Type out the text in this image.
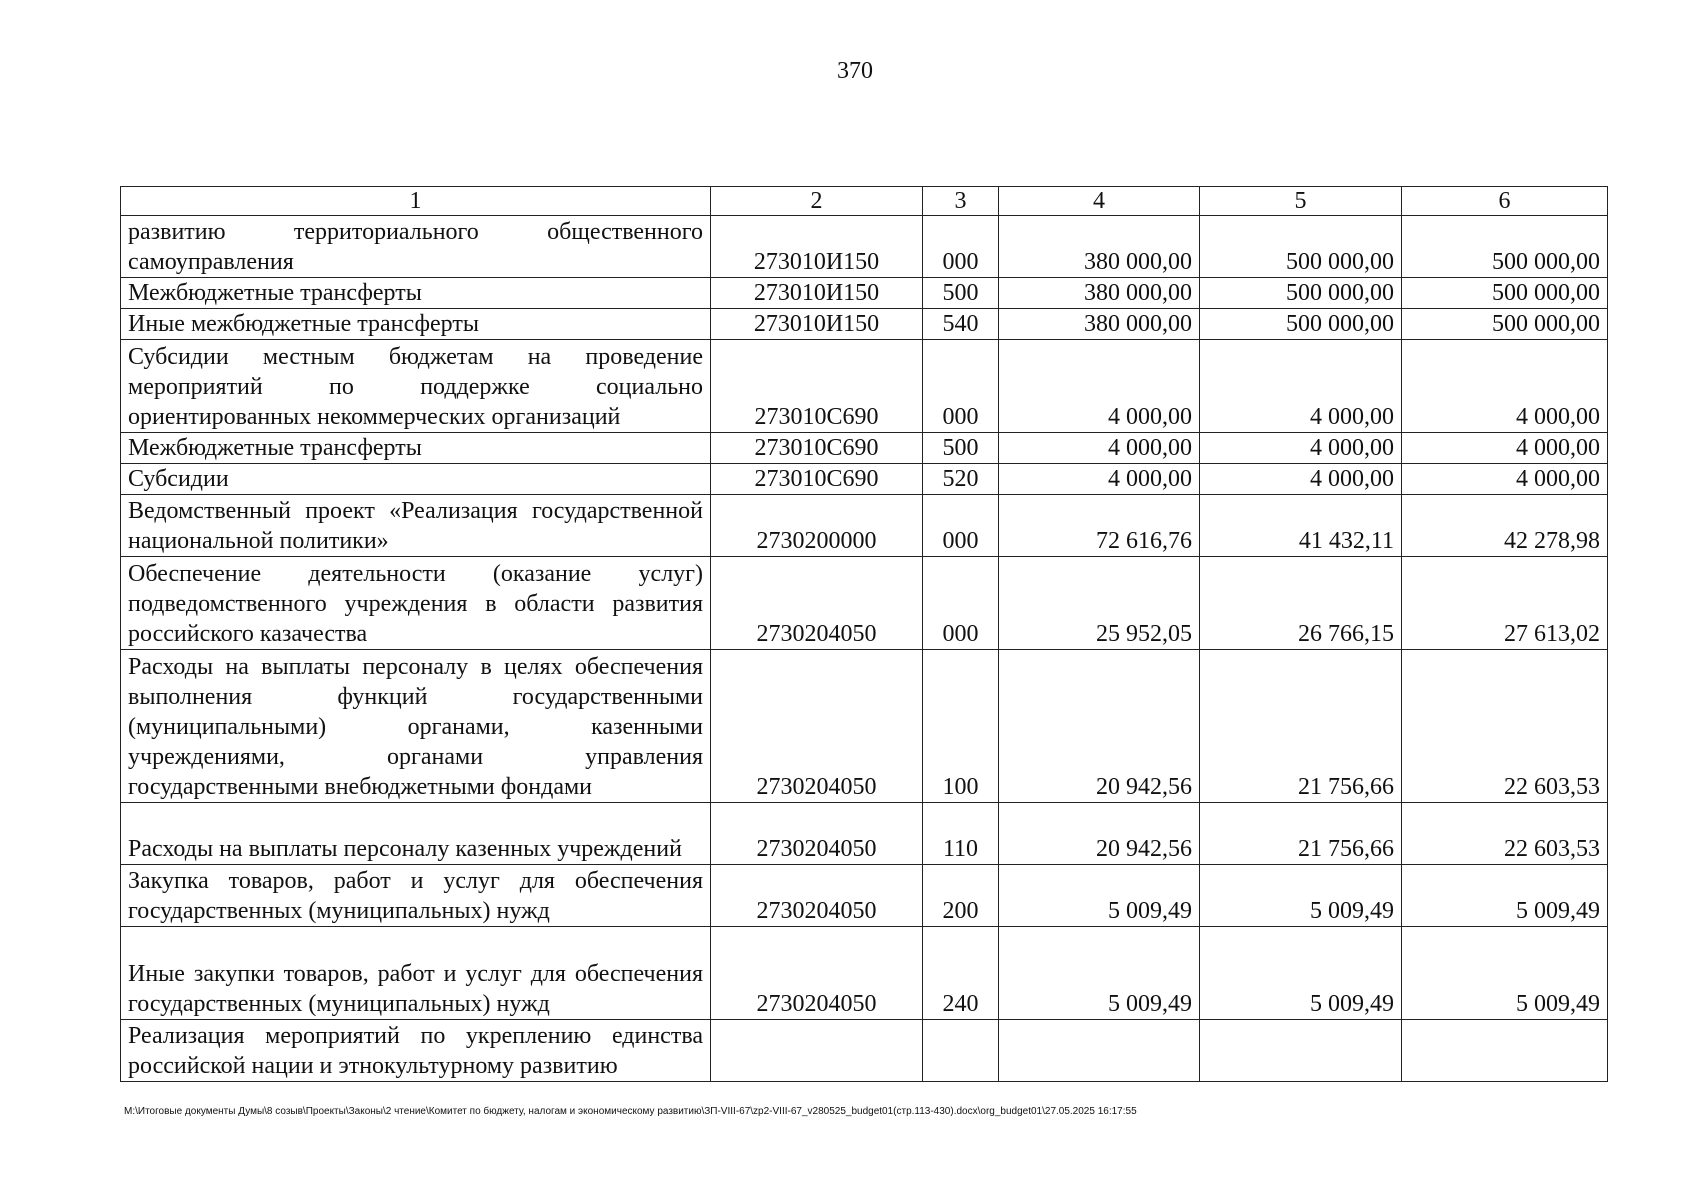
370
1	2	3	4	5	6
развитию территориального общественного самоуправления	273010И150	000	380 000,00	500 000,00	500 000,00
Межбюджетные трансферты	273010И150	500	380 000,00	500 000,00	500 000,00
Иные межбюджетные трансферты	273010И150	540	380 000,00	500 000,00	500 000,00
Субсидии местным бюджетам на проведение мероприятий по поддержке социально ориентированных некоммерческих организаций	273010С690	000	4 000,00	4 000,00	4 000,00
Межбюджетные трансферты	273010С690	500	4 000,00	4 000,00	4 000,00
Субсидии	273010С690	520	4 000,00	4 000,00	4 000,00
Ведомственный проект «Реализация государственной национальной политики»	2730200000	000	72 616,76	41 432,11	42 278,98
Обеспечение деятельности (оказание услуг) подведомственного учреждения в области развития российского казачества	2730204050	000	25 952,05	26 766,15	27 613,02
Расходы на выплаты персоналу в целях обеспечения выполнения функций государственными (муниципальными) органами, казенными учреждениями, органами управления государственными внебюджетными фондами	2730204050	100	20 942,56	21 756,66	22 603,53
Расходы на выплаты персоналу казенных учреждений	2730204050	110	20 942,56	21 756,66	22 603,53
Закупка товаров, работ и услуг для обеспечения государственных (муниципальных) нужд	2730204050	200	5 009,49	5 009,49	5 009,49
Иные закупки товаров, работ и услуг для обеспечения государственных (муниципальных) нужд	2730204050	240	5 009,49	5 009,49	5 009,49
Реализация мероприятий по укреплению единства российской нации и этнокультурному развитию					
М:\Итоговые документы Думы\8 созыв\Проекты\Законы\2 чтение\Комитет по бюджету, налогам и экономическому развитию\ЗП-VIII-67\zp2-VIII-67_v280525_budget01(стр.113-430).docx\org_budget01\27.05.2025 16:17:55
